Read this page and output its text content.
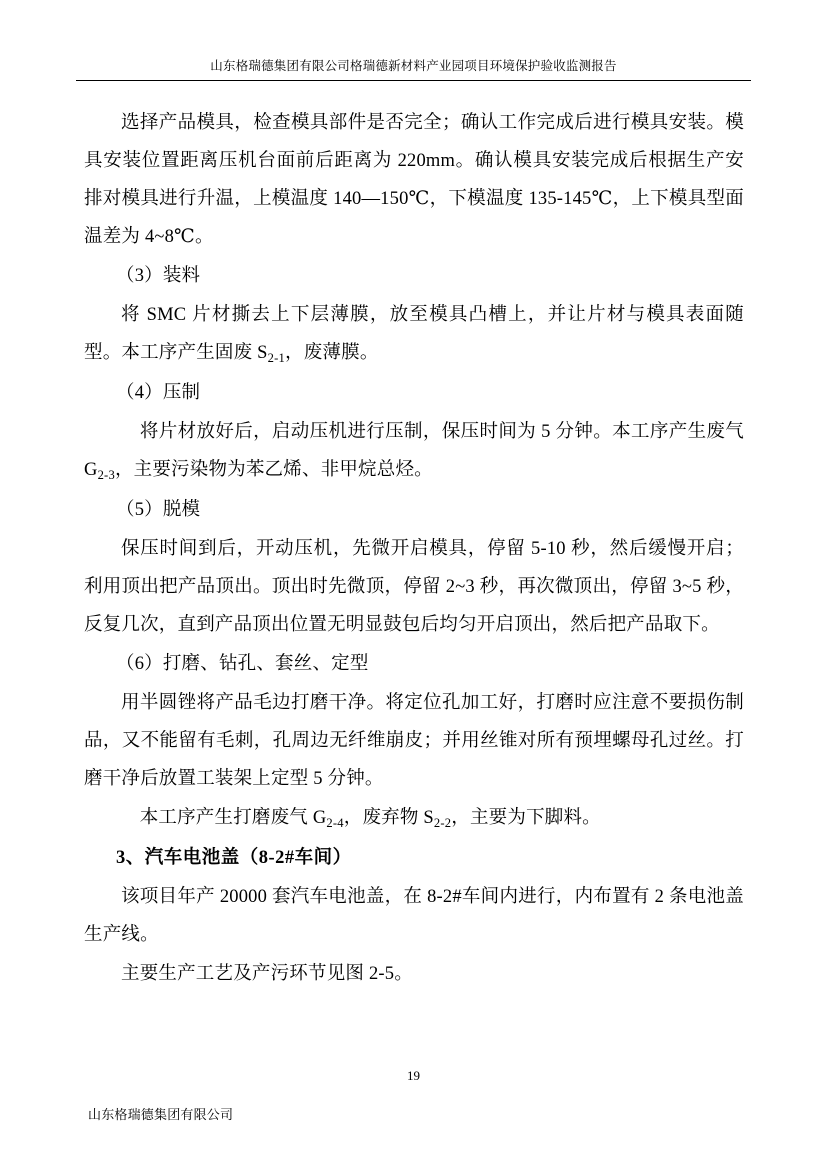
山东格瑞德集团有限公司格瑞德新材料产业园项目环境保护验收监测报告

选择产品模具，检查模具部件是否完全；确认工作完成后进行模具安装。模具安装位置距离压机台面前后距离为 220mm。确认模具安装完成后根据生产安排对模具进行升温，上模温度 140—150℃，下模温度 135-145℃，上下模具型面温差为 4~8℃。

（3）装料

将 SMC 片材撕去上下层薄膜，放至模具凸槽上，并让片材与模具表面随型。本工序产生固废 $S_{2-1}$，废薄膜。

（4）压制

　将片材放好后，启动压机进行压制，保压时间为 5 分钟。本工序产生废气 $G_{2-3}$，主要污染物为苯乙烯、非甲烷总烃。

（5）脱模

保压时间到后，开动压机，先微开启模具，停留 5-10 秒，然后缓慢开启；利用顶出把产品顶出。顶出时先微顶，停留 2~3 秒，再次微顶出，停留 3~5 秒，反复几次，直到产品顶出位置无明显鼓包后均匀开启顶出，然后把产品取下。

（6）打磨、钻孔、套丝、定型

用半圆锉将产品毛边打磨干净。将定位孔加工好，打磨时应注意不要损伤制品，又不能留有毛刺，孔周边无纤维崩皮；并用丝锥对所有预埋螺母孔过丝。打磨干净后放置工装架上定型 5 分钟。

　本工序产生打磨废气 $G_{2-4}$，废弃物 $S_{2-2}$，主要为下脚料。

3、汽车电池盖（8-2#车间）

该项目年产 20000 套汽车电池盖，在 8-2#车间内进行，内布置有 2 条电池盖生产线。

主要生产工艺及产污环节见图 2-5。

19
山东格瑞德集团有限公司
